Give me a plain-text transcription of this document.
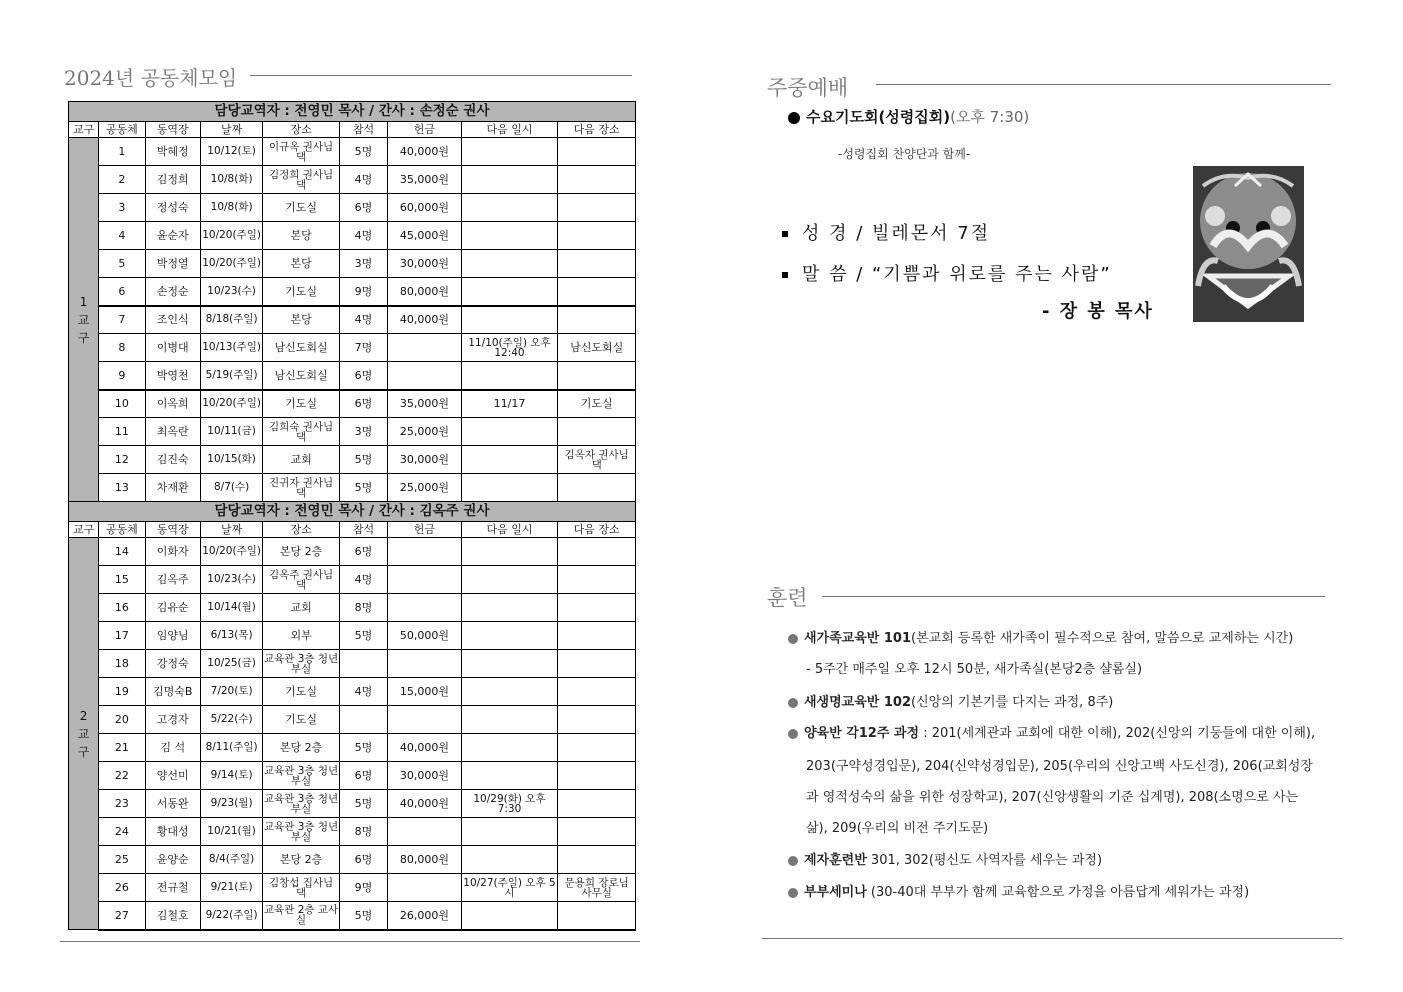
2024년 공동체모임
담당교역자 : 전영민 목사 / 간사 : 손정순 권사								
교구	공동체	동역장	날짜	장소	참석	헌금	다음 일시	다음 장소
1교구	1	박혜정	10/12(토)	이규옥 권사님 댁	5명	40,000원		
	2	김정희	10/8(화)	김정희 권사님 댁	4명	35,000원		
	3	정성숙	10/8(화)	기도실	6명	60,000원		
	4	윤순자	10/20(주일)	본당	4명	45,000원		
	5	박정열	10/20(주일)	본당	3명	30,000원		
	6	손정순	10/23(수)	기도실	9명	80,000원		
	7	조인식	8/18(주일)	본당	4명	40,000원		
	8	이병대	10/13(주일)	남신도회실	7명		11/10(주일) 오후 12:40	남신도회실
	9	박영천	5/19(주일)	남신도회실	6명			
	10	이옥희	10/20(주일)	기도실	6명	35,000원	11/17	기도실
	11	최옥란	10/11(금)	김희숙 권사님 댁	3명	25,000원		
	12	김진숙	10/15(화)	교회	5명	30,000원		김옥자 권사님 댁
	13	차재환	8/7(수)	진귀자 권사님 댁	5명	25,000원		
담당교역자 : 전영민 목사 / 간사 : 김옥주 권사								
교구	공동체	동역장	날짜	장소	참석	헌금	다음 일시	다음 장소
2교구	14	이화자	10/20(주일)	본당 2층	6명			
	15	김옥주	10/23(수)	김옥주 권사님 댁	4명			
	16	김유순	10/14(월)	교회	8명			
	17	임양님	6/13(목)	외부	5명	50,000원		
	18	강정숙	10/25(금)	교육관 3층 청년부실				
	19	김명숙B	7/20(토)	기도실	4명	15,000원		
	20	고경자	5/22(수)	기도실				
	21	김 석	8/11(주일)	본당 2층	5명	40,000원		
	22	양선미	9/14(토)	교육관 3층 청년부실	6명	30,000원		
	23	서동완	9/23(월)	교육관 3층 청년부실	5명	40,000원	10/29(화) 오후 7:30	
	24	황대성	10/21(월)	교육관 3층 청년부실	8명			
	25	윤양순	8/4(주일)	본당 2층	6명	80,000원		
	26	전규철	9/21(토)	김창섭 집사님 댁	9명		10/27(주일) 오후 5시	문용희 장로님 사무실
	27	김철호	9/22(주일)	교육관 2층 교사실	5명	26,000원		
주중예배
수요기도회(성령집회)(오후 7:30)
-성령집회 찬양단과 함께-
성 경 / 빌레몬서 7절
말 씀 / “기쁨과 위로를 주는 사람”
- 장 봉 목사
훈련
새가족교육반 101(본교회 등록한 새가족이 필수적으로 참여, 말씀으로 교제하는 시간)
- 5주간 매주일 오후 12시 50분, 새가족실(본당2층 샬롬실)
새생명교육반 102(신앙의 기본기를 다지는 과정, 8주)
양육반 각12주 과정 : 201(세계관과 교회에 대한 이해), 202(신앙의 기둥들에 대한 이해),
203(구약성경입문), 204(신약성경입문), 205(우리의 신앙고백 사도신경), 206(교회성장
과 영적성숙의 삶을 위한 성장학교), 207(신앙생활의 기준 십계명), 208(소명으로 사는
삶), 209(우리의 비전 주기도문)
제자훈련반 301, 302(평신도 사역자를 세우는 과정)
부부세미나 (30-40대 부부가 함께 교육함으로 가정을 아름답게 세워가는 과정)
